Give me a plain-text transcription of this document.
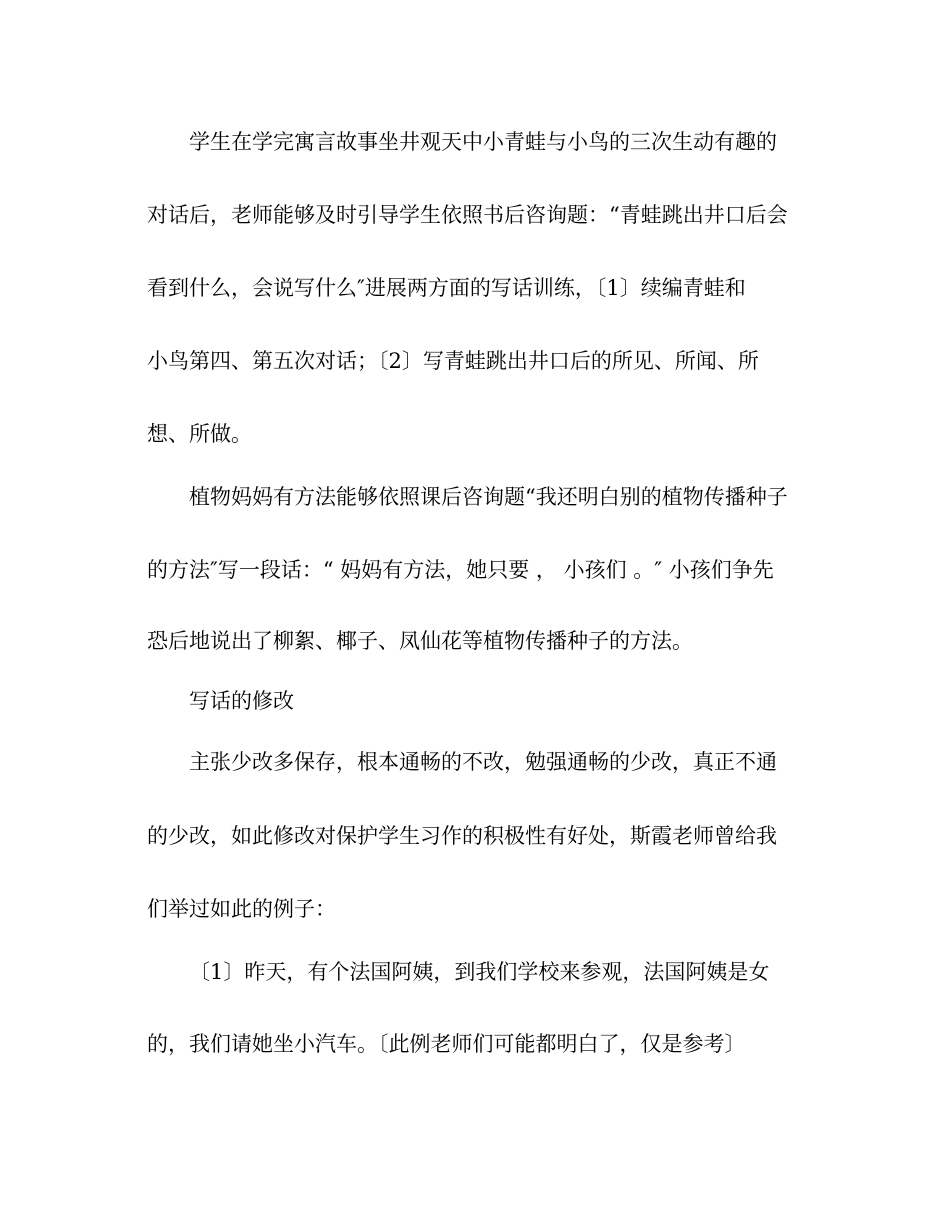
学生在学完寓言故事坐井观天中小青蛙与小鸟的三次生动有趣的
对话后，老师能够及时引导学生依照书后咨询题：“青蛙跳出井口后会
看到什么，会说写什么″进展两方面的写话训练，〔1〕续编青蛙和
小鸟第四、第五次对话；〔2〕写青蛙跳出井口后的所见、所闻、所
想、所做。
植物妈妈有方法能够依照课后咨询题“我还明白别的植物传播种子
的方法″写一段话：“ 妈妈有方法，她只要 ， 小孩们 。″ 小孩们争先
恐后地说出了柳絮、椰子、凤仙花等植物传播种子的方法。
写话的修改
主张少改多保存，根本通畅的不改，勉强通畅的少改，真正不通
的少改，如此修改对保护学生习作的积极性有好处，斯霞老师曾给我
们举过如此的例子：
〔1〕昨天，有个法国阿姨，到我们学校来参观，法国阿姨是女
的，我们请她坐小汽车。〔此例老师们可能都明白了，仅是参考〕
